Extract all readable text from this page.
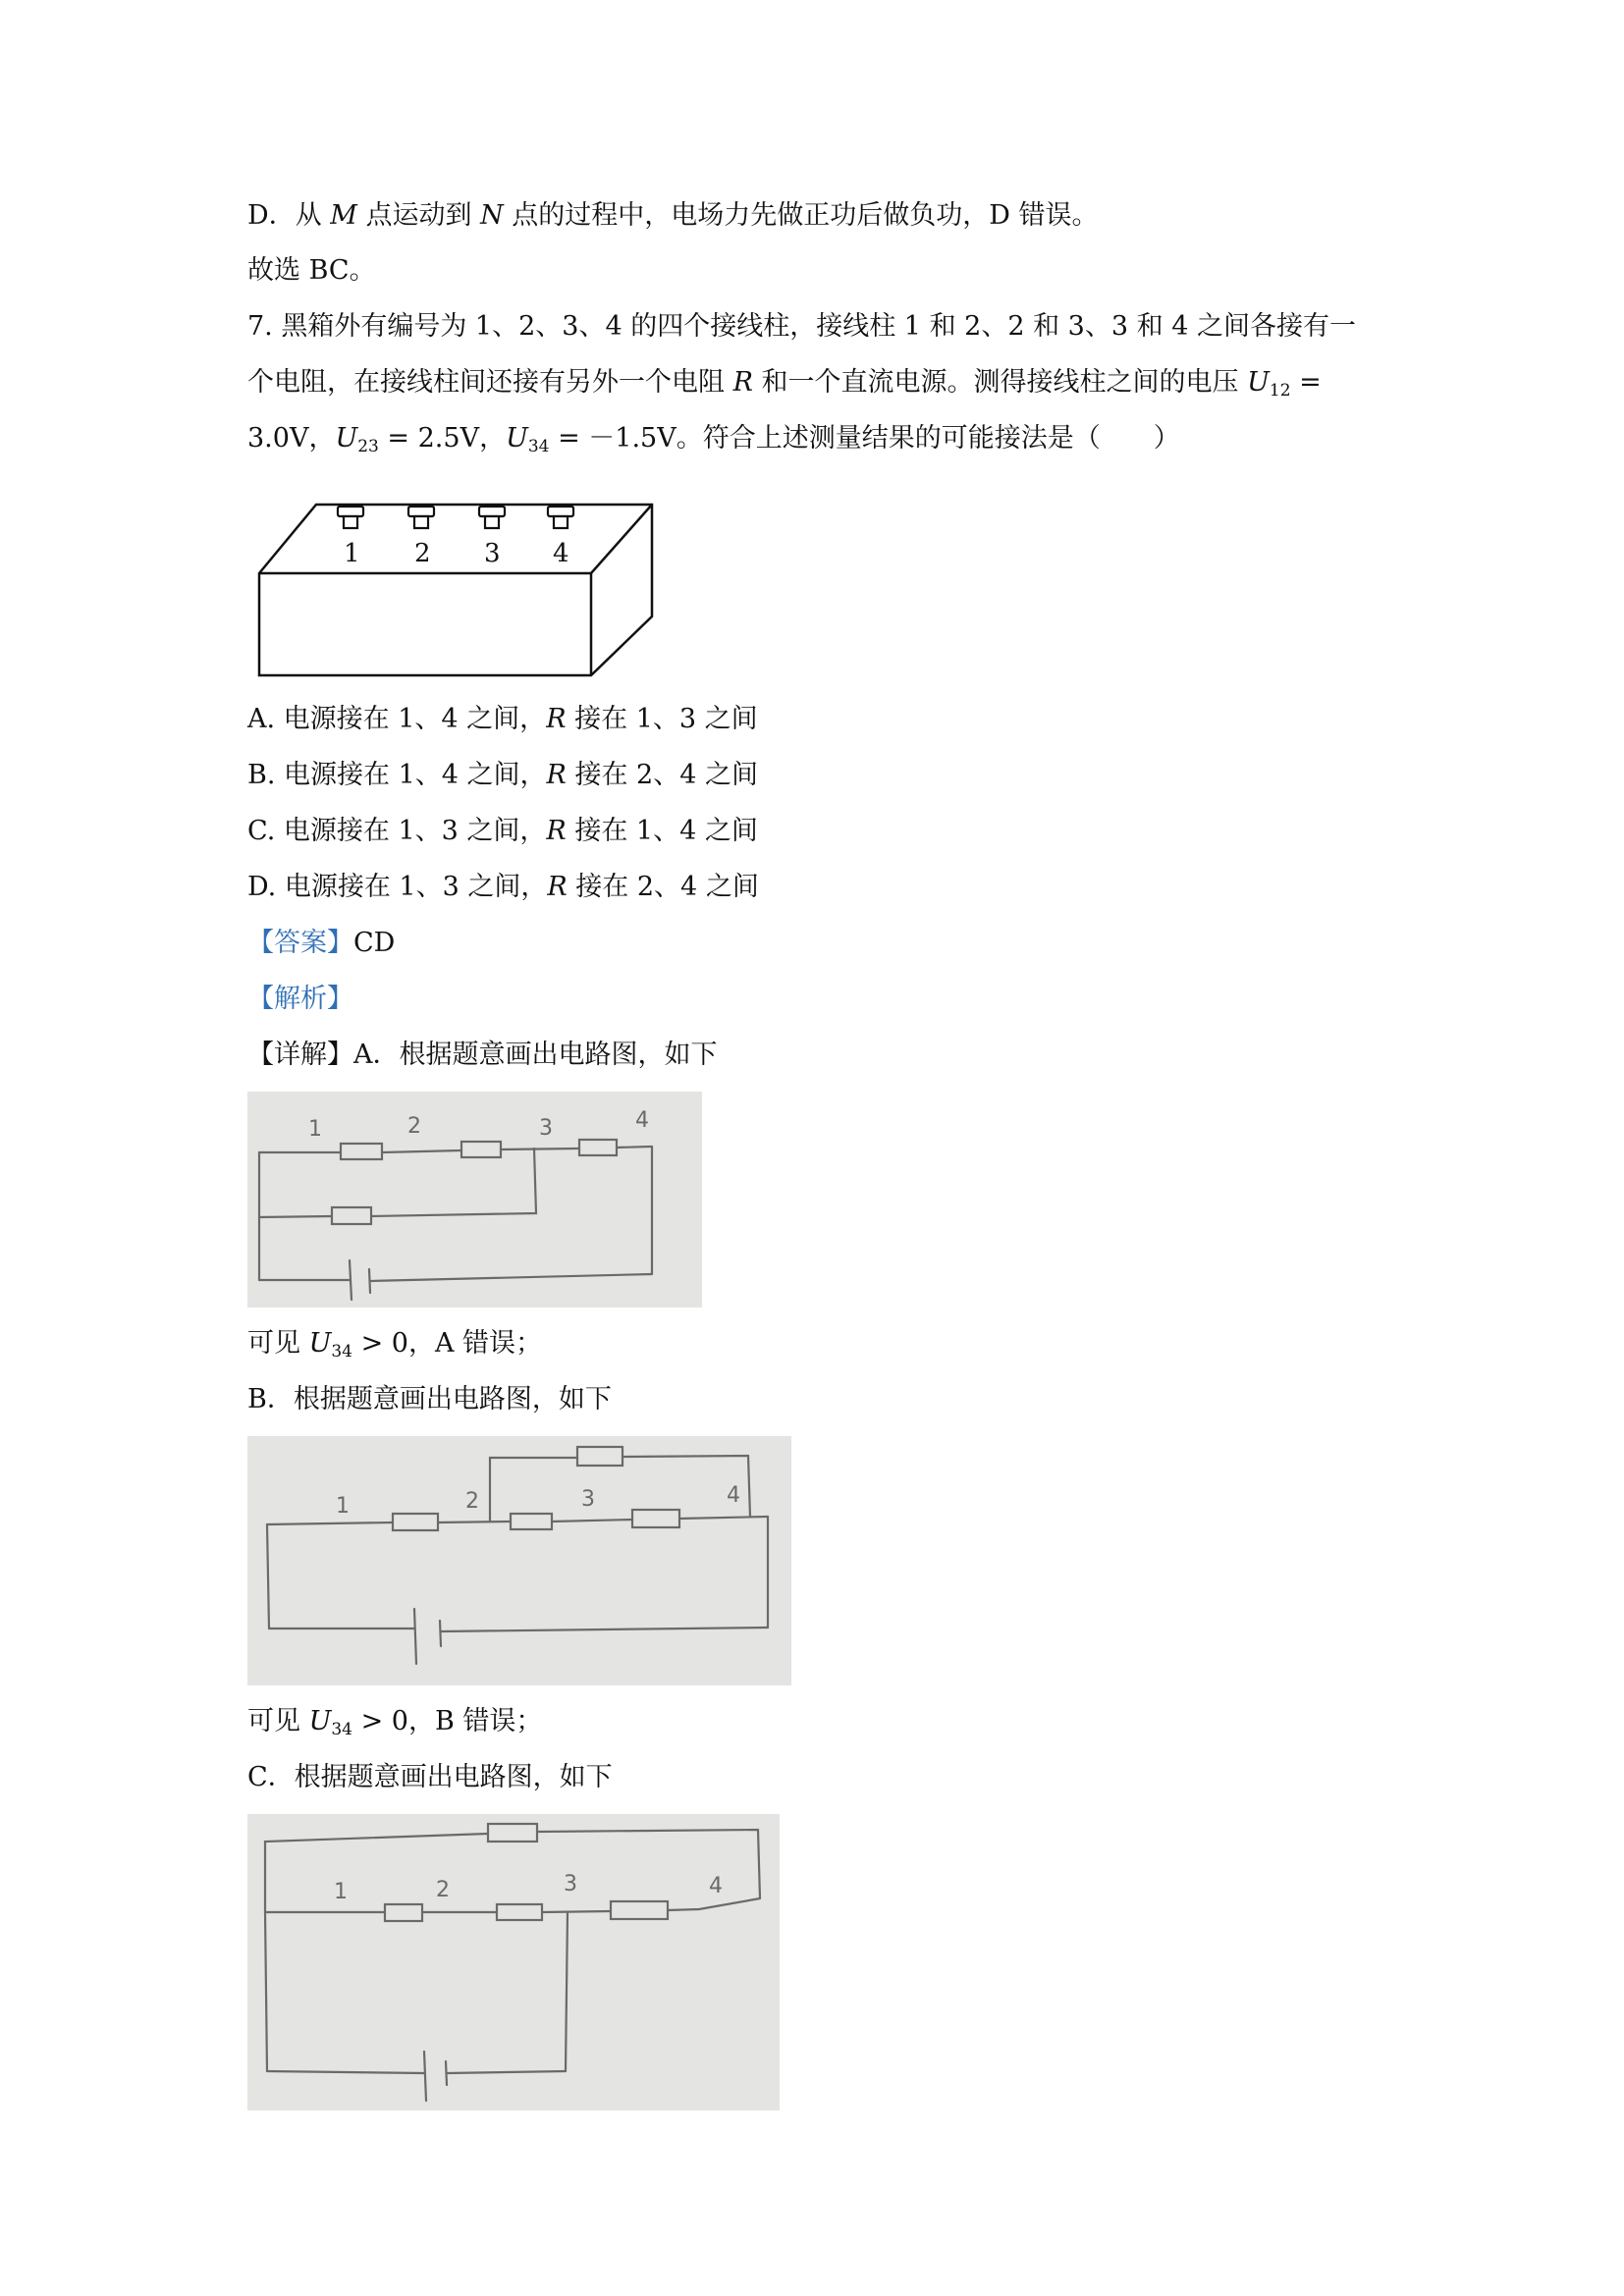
D．从 M 点运动到 N 点的过程中，电场力先做正功后做负功，D 错误。
故选 BC。
7. 黑箱外有编号为 1、2、3、4 的四个接线柱，接线柱 1 和 2、2 和 3、3 和 4 之间各接有一
个电阻，在接线柱间还接有另外一个电阻 R 和一个直流电源。测得接线柱之间的电压 $U_{12}$ =
3.0V，$U_{23} = 2.5V$，$U_{34} = -1.5V$。符合上述测量结果的可能接法是（　　）
1 2 3 4
A. 电源接在 1、4 之间，R 接在 1、3 之间
B. 电源接在 1、4 之间，R 接在 2、4 之间
C. 电源接在 1、3 之间，R 接在 1、4 之间
D. 电源接在 1、3 之间，R 接在 2、4 之间
【答案】CD
【解析】
【详解】A．根据题意画出电路图，如下
1	2	3	4
可见 $U_{34} > 0$，A 错误；
B．根据题意画出电路图，如下
1	2	3	4
可见 $U_{34} > 0$，B 错误；
C．根据题意画出电路图，如下
1	2	3	4
